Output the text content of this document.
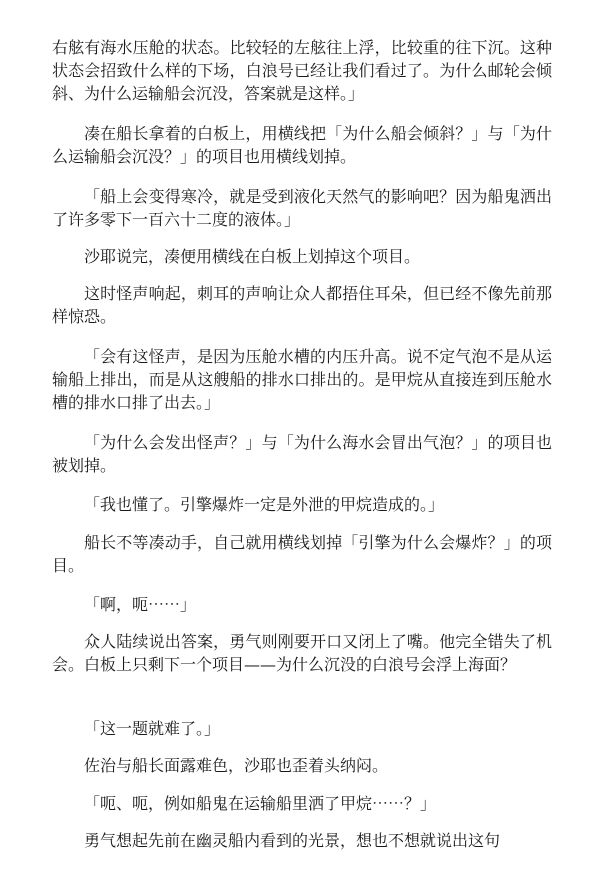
右舷有海水压舱的状态。比较轻的左舷往上浮，比较重的往下沉。这种状态会招致什么样的下场，白浪号已经让我们看过了。为什么邮轮会倾斜、为什么运输船会沉没，答案就是这样。」

凑在船长拿着的白板上，用横线把「为什么船会倾斜？」与「为什么运输船会沉没？」的项目也用横线划掉。

「船上会变得寒冷，就是受到液化天然气的影响吧？因为船鬼洒出了许多零下一百六十二度的液体。」

沙耶说完，凑便用横线在白板上划掉这个项目。

这时怪声响起，刺耳的声响让众人都捂住耳朵，但已经不像先前那样惊恐。

「会有这怪声，是因为压舱水槽的内压升高。说不定气泡不是从运输船上排出，而是从这艘船的排水口排出的。是甲烷从直接连到压舱水槽的排水口排了出去。」

「为什么会发出怪声？」与「为什么海水会冒出气泡？」的项目也被划掉。

「我也懂了。引擎爆炸一定是外泄的甲烷造成的。」

船长不等凑动手，自己就用横线划掉「引擎为什么会爆炸？」的项目。

「啊，呃⋯⋯」

众人陆续说出答案，勇气则刚要开口又闭上了嘴。他完全错失了机会。白板上只剩下一个项目——为什么沉没的白浪号会浮上海面？

「这一题就难了。」

佐治与船长面露难色，沙耶也歪着头纳闷。

「呃、呃，例如船鬼在运输船里洒了甲烷⋯⋯？」

勇气想起先前在幽灵船内看到的光景，想也不想就说出这句
